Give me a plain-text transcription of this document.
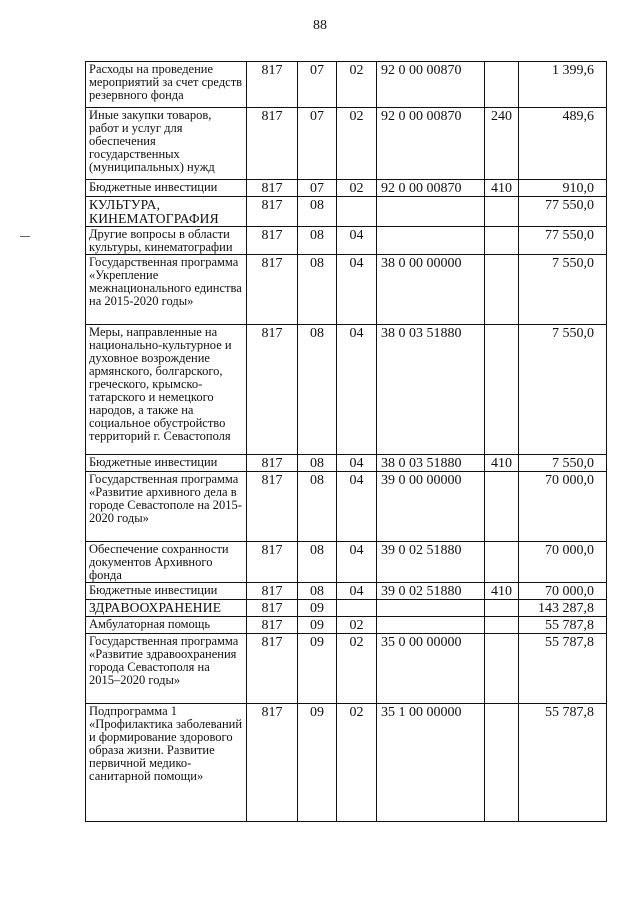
88
Расходы на проведение мероприятий за счет средств резервного фонда	817	07	02	92 0 00 00870		1 399,6
Иные закупки товаров, работ и услуг для обеспечения государственных (муниципальных) нужд	817	07	02	92 0 00 00870	240	489,6
Бюджетные инвестиции	817	07	02	92 0 00 00870	410	910,0
КУЛЬТУРА, КИНЕМАТОГРАФИЯ	817	08				77 550,0
Другие вопросы в области культуры, кинематографии	817	08	04			77 550,0
Государственная программа «Укрепление межнационального единства на 2015-2020 годы»	817	08	04	38 0 00 00000		7 550,0
Меры, направленные на национально-культурное и духовное возрождение армянского, болгарского, греческого, крымско-татарского и немецкого народов, а также на социальное обустройство территорий г. Севастополя	817	08	04	38 0 03 51880		7 550,0
Бюджетные инвестиции	817	08	04	38 0 03 51880	410	7 550,0
Государственная программа «Развитие архивного дела в городе Севастополе на 2015-2020 годы»	817	08	04	39 0 00 00000		70 000,0
Обеспечение сохранности документов Архивного фонда	817	08	04	39 0 02 51880		70 000,0
Бюджетные инвестиции	817	08	04	39 0 02 51880	410	70 000,0
ЗДРАВООХРАНЕНИЕ	817	09				143 287,8
Амбулаторная помощь	817	09	02			55 787,8
Государственная программа «Развитие здравоохранения города Севастополя на 2015–2020 годы»	817	09	02	35 0 00 00000		55 787,8
Подпрограмма 1 «Профилактика заболеваний и формирование здорового образа жизни. Развитие первичной медико-санитарной помощи»	817	09	02	35 1 00 00000		55 787,8
